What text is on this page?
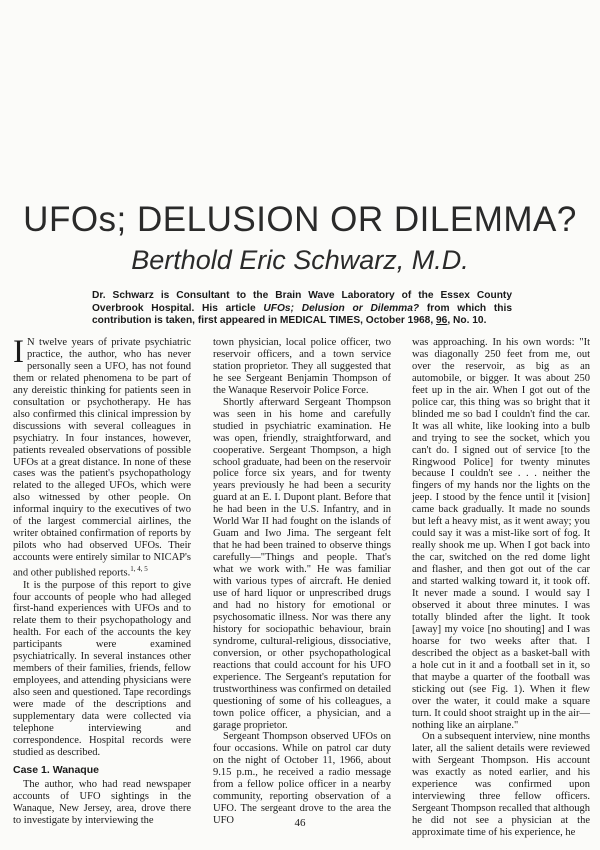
UFOs; DELUSION OR DILEMMA?
Berthold Eric Schwarz, M.D.
Dr. Schwarz is Consultant to the Brain Wave Laboratory of the Essex County Overbrook Hospital. His article UFOs; Delusion or Dilemma? from which this contribution is taken, first appeared in MEDICAL TIMES, October 1968, 96, No. 10.

I N twelve years of private psychiatric practice, the author, who has never personally seen a UFO, has not found them or related phenomena to be part of any dereistic thinking for patients seen in consultation or psychotherapy. He has also confirmed this clinical impression by discussions with several colleagues in psychiatry. In four instances, however, patients revealed observations of possible UFOs at a great distance. In none of these cases was the patient's psychopathology related to the alleged UFOs, which were also witnessed by other people. On informal inquiry to the executives of two of the largest commercial airlines, the writer obtained confirmation of reports by pilots who had observed UFOs. Their accounts were entirely similar to NICAP's and other published reports.$^{1, 4, 5}$

It is the purpose of this report to give four accounts of people who had alleged first-hand experiences with UFOs and to relate them to their psychopathology and health. For each of the accounts the key participants were examined psychiatrically. In several instances other members of their families, friends, fellow employees, and attending physicians were also seen and questioned. Tape recordings were made of the descriptions and supplementary data were collected via telephone interviewing and correspondence. Hospital records were studied as described.

Case 1. Wanaque

The author, who had read newspaper accounts of UFO sightings in the Wanaque, New Jersey, area, drove there to investigate by interviewing the

town physician, local police officer, two reservoir officers, and a town service station proprietor. They all suggested that he see Sergeant Benjamin Thompson of the Wanaque Reservoir Police Force.

Shortly afterward Sergeant Thompson was seen in his home and carefully studied in psychiatric examination. He was open, friendly, straightforward, and cooperative. Sergeant Thompson, a high school graduate, had been on the reservoir police force six years, and for twenty years previously he had been a security guard at an E. I. Dupont plant. Before that he had been in the U.S. Infantry, and in World War II had fought on the islands of Guam and Iwo Jima. The sergeant felt that he had been trained to observe things carefully—"Things and people. That's what we work with." He was familiar with various types of aircraft. He denied use of hard liquor or unprescribed drugs and had no history for emotional or psychosomatic illness. Nor was there any history for sociopathic behaviour, brain syndrome, cultural-religious, dissociative, conversion, or other psychopathological reactions that could account for his UFO experience. The Sergeant's reputation for trustworthiness was confirmed on detailed questioning of some of his colleagues, a town police officer, a physician, and a garage proprietor.

Sergeant Thompson observed UFOs on four occasions. While on patrol car duty on the night of October 11, 1966, about 9.15 p.m., he received a radio message from a fellow police officer in a nearby community, reporting observation of a UFO. The sergeant drove to the area the UFO

was approaching. In his own words: "It was diagonally 250 feet from me, out over the reservoir, as big as an automobile, or bigger. It was about 250 feet up in the air. When I got out of the police car, this thing was so bright that it blinded me so bad I couldn't find the car. It was all white, like looking into a bulb and trying to see the socket, which you can't do. I signed out of service [to the Ringwood Police] for twenty minutes because I couldn't see . . . neither the fingers of my hands nor the lights on the jeep. I stood by the fence until it [vision] came back gradually. It made no sounds but left a heavy mist, as it went away; you could say it was a mist-like sort of fog. It really shook me up. When I got back into the car, switched on the red dome light and flasher, and then got out of the car and started walking toward it, it took off. It never made a sound. I would say I observed it about three minutes. I was totally blinded after the light. It took [away] my voice [no shouting] and I was hoarse for two weeks after that. I described the object as a basket-ball with a hole cut in it and a football set in it, so that maybe a quarter of the football was sticking out (see Fig. 1). When it flew over the water, it could make a square turn. It could shoot straight up in the air—nothing like an airplane."

On a subsequent interview, nine months later, all the salient details were reviewed with Sergeant Thompson. His account was exactly as noted earlier, and his experience was confirmed upon interviewing three fellow officers. Sergeant Thompson recalled that although he did not see a physician at the approximate time of his experience, he

46
